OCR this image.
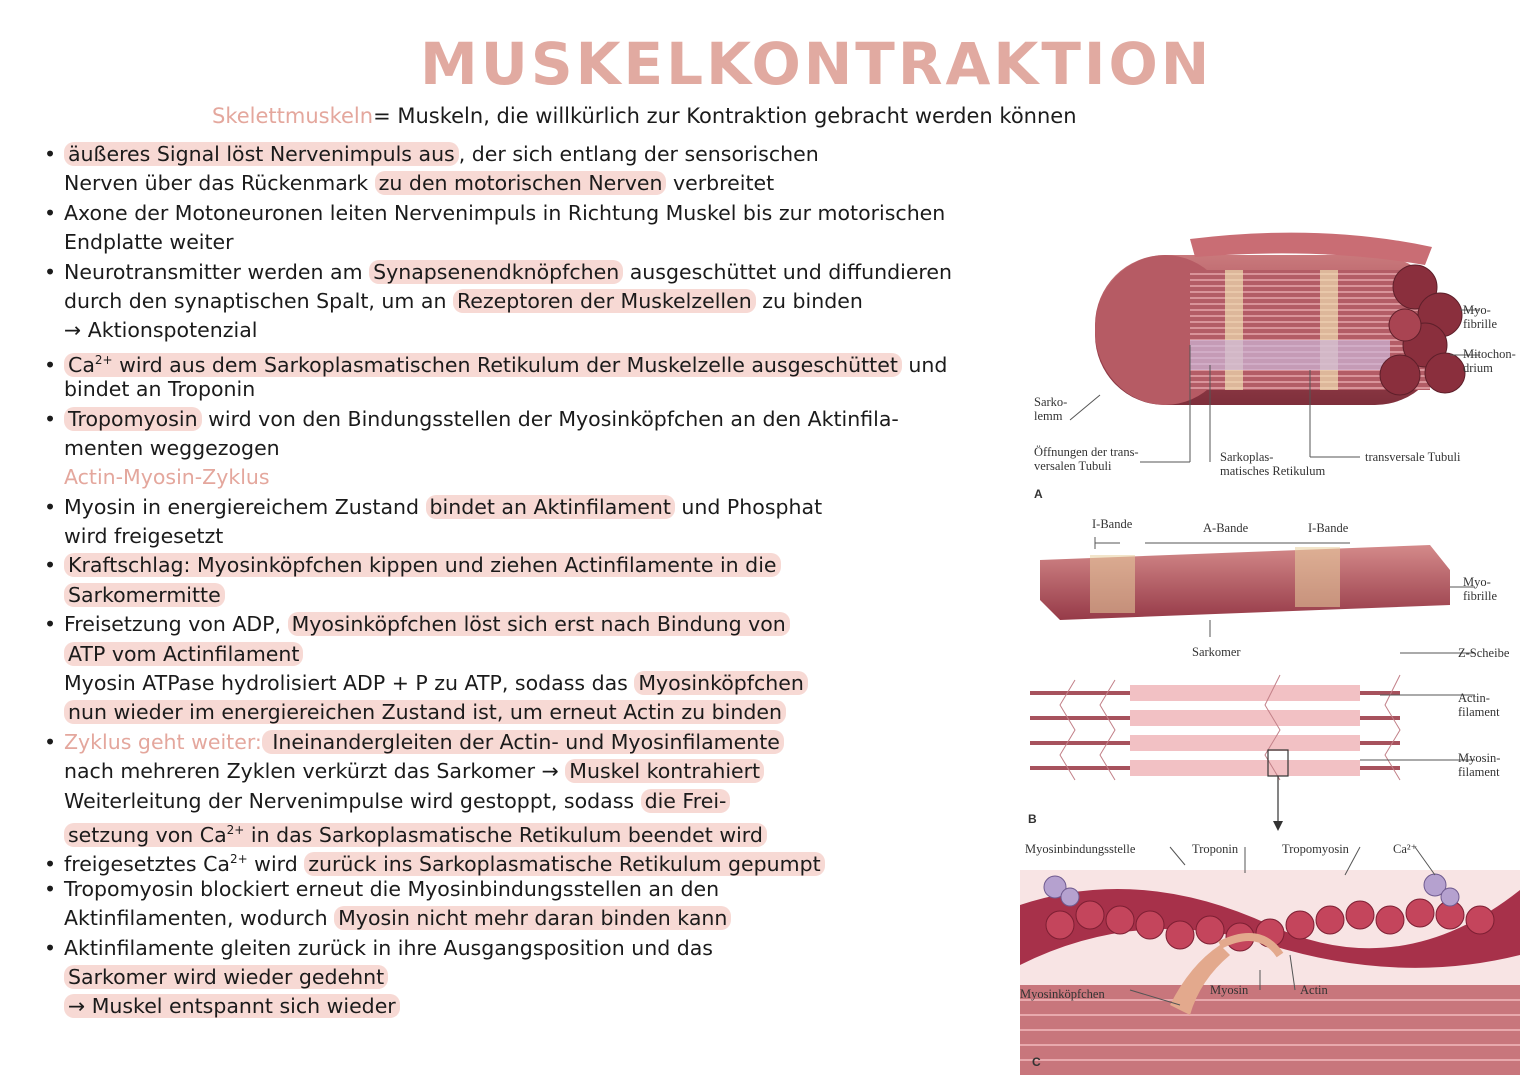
MUSKELKONTRAKTION
Skelettmuskeln= Muskeln, die willkürlich zur Kontraktion gebracht werden können
• äußeres Signal löst Nervenimpuls aus , der sich entlang der sensorischen
Nerven über das Rückenmark zu den motorischen Nerven verbreitet
• Axone der Motoneuronen leiten Nervenimpuls in Richtung Muskel bis zur motorischen
Endplatte weiter
• Neurotransmitter werden am Synapsenendknöpfchen ausgeschüttet und diffundieren
durch den synaptischen Spalt, um an Rezeptoren der Muskelzellen zu binden
→ Aktionspotenzial
• $Ca^{2+}$ wird aus dem Sarkoplasmatischen Retikulum der Muskelzelle ausgeschüttet und
bindet an Troponin
• Tropomyosin wird von den Bindungsstellen der Myosinköpfchen an den Aktinfila-
menten weggezogen
Actin-Myosin-Zyklus
• Myosin in energiereichem Zustand bindet an Aktinfilament und Phosphat
wird freigesetzt
• Kraftschlag: Myosinköpfchen kippen und ziehen Actinfilamente in die
Sarkomermitte
• Freisetzung von ADP, Myosinköpfchen löst sich erst nach Bindung von
ATP vom Actinfilament
Myosin ATPase hydrolisiert ADP + P zu ATP, sodass das Myosinköpfchen
nun wieder im energiereichen Zustand ist, um erneut Actin zu binden
• Zyklus geht weiter: Ineinandergleiten der Actin- und Myosinfilamente
nach mehreren Zyklen verkürzt das Sarkomer → Muskel kontrahiert
Weiterleitung der Nervenimpulse wird gestoppt, sodass die Frei-
setzung von $Ca^{2+}$ in das Sarkoplasmatische Retikulum beendet wird
• freigesetztes $Ca^{2+}$ wird zurück ins Sarkoplasmatische Retikulum gepumpt
• Tropomyosin blockiert erneut die Myosinbindungsstellen an den
Aktinfilamenten, wodurch Myosin nicht mehr daran binden kann
• Aktinfilamente gleiten zurück in ihre Ausgangsposition und das
Sarkomer wird wieder gedehnt
→ Muskel entspannt sich wieder
Myo-
fibrille
Mitochon-
drium
Sarko-
lemm
Öffnungen der trans-
versalen Tubuli
Sarkoplas-
matisches Retikulum
transversale Tubuli
A
I-Bande	A-Bande	I-Bande
Myo-
fibrille
Sarkomer	Z-Scheibe
Actin-
filament
Myosin-
filament
B
Myosinbindungsstelle	Troponin	Tropomyosin	Ca²⁺
Myosinköpfchen	Myosin	Actin
C
